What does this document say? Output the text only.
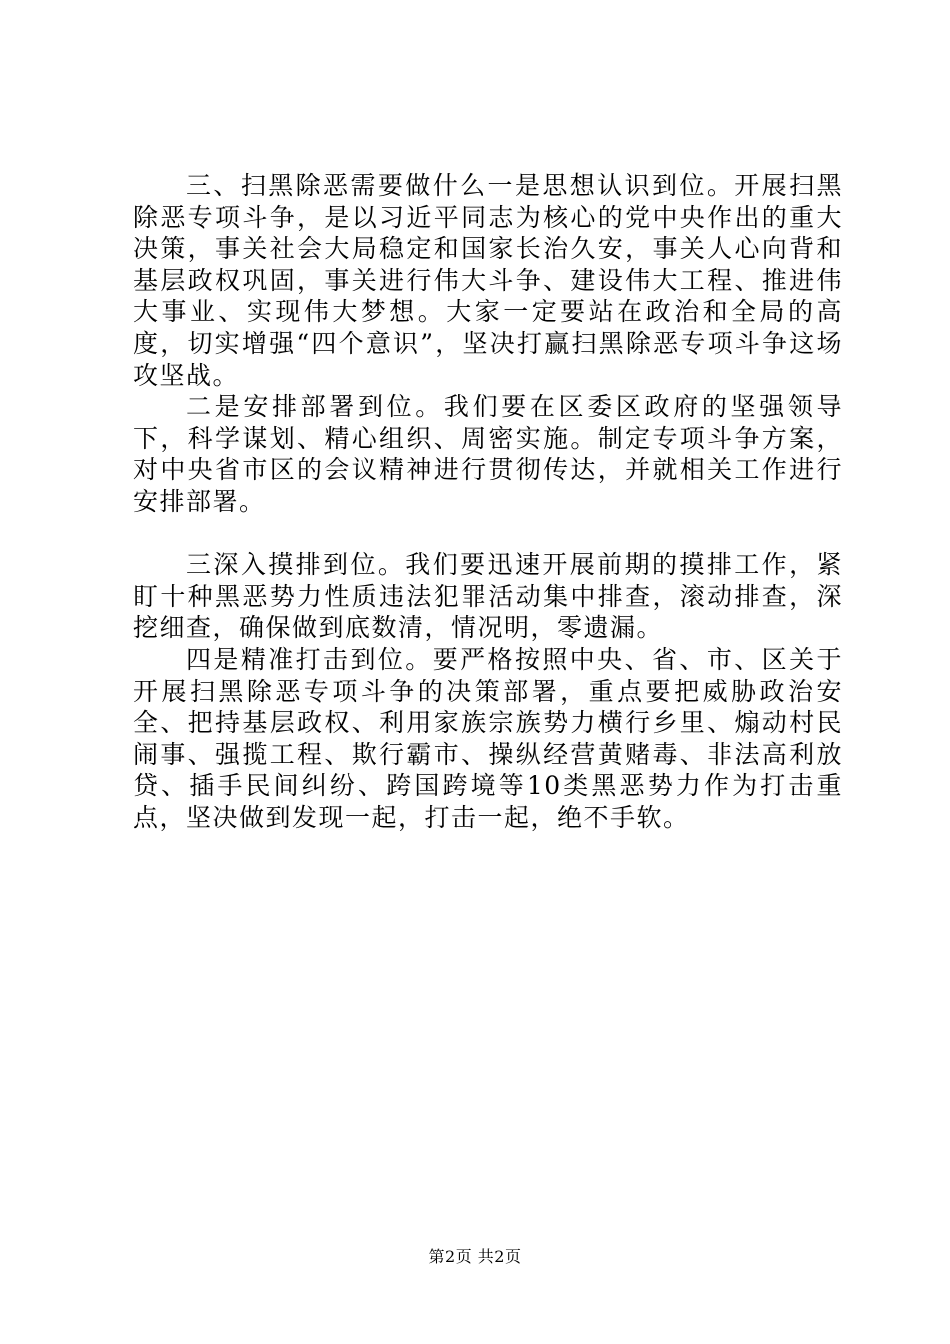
三、扫黑除恶需要做什么一是思想认识到位。开展扫黑除恶专项斗争，是以习近平同志为核心的党中央作出的重大决策，事关社会大局稳定和国家长治久安，事关人心向背和基层政权巩固，事关进行伟大斗争、建设伟大工程、推进伟大事业、实现伟大梦想。大家一定要站在政治和全局的高度，切实增强“四个意识”，坚决打赢扫黑除恶专项斗争这场攻坚战。

二是安排部署到位。我们要在区委区政府的坚强领导下，科学谋划、精心组织、周密实施。制定专项斗争方案，对中央省市区的会议精神进行贯彻传达，并就相关工作进行安排部署。

三深入摸排到位。我们要迅速开展前期的摸排工作，紧盯十种黑恶势力性质违法犯罪活动集中排查，滚动排查，深挖细查，确保做到底数清，情况明，零遗漏。

四是精准打击到位。要严格按照中央、省、市、区关于开展扫黑除恶专项斗争的决策部署，重点要把威胁政治安全、把持基层政权、利用家族宗族势力横行乡里、煽动村民闹事、强揽工程、欺行霸市、操纵经营黄赌毒、非法高利放贷、插手民间纠纷、跨国跨境等10类黑恶势力作为打击重点，坚决做到发现一起，打击一起，绝不手软。

第2页 共2页
